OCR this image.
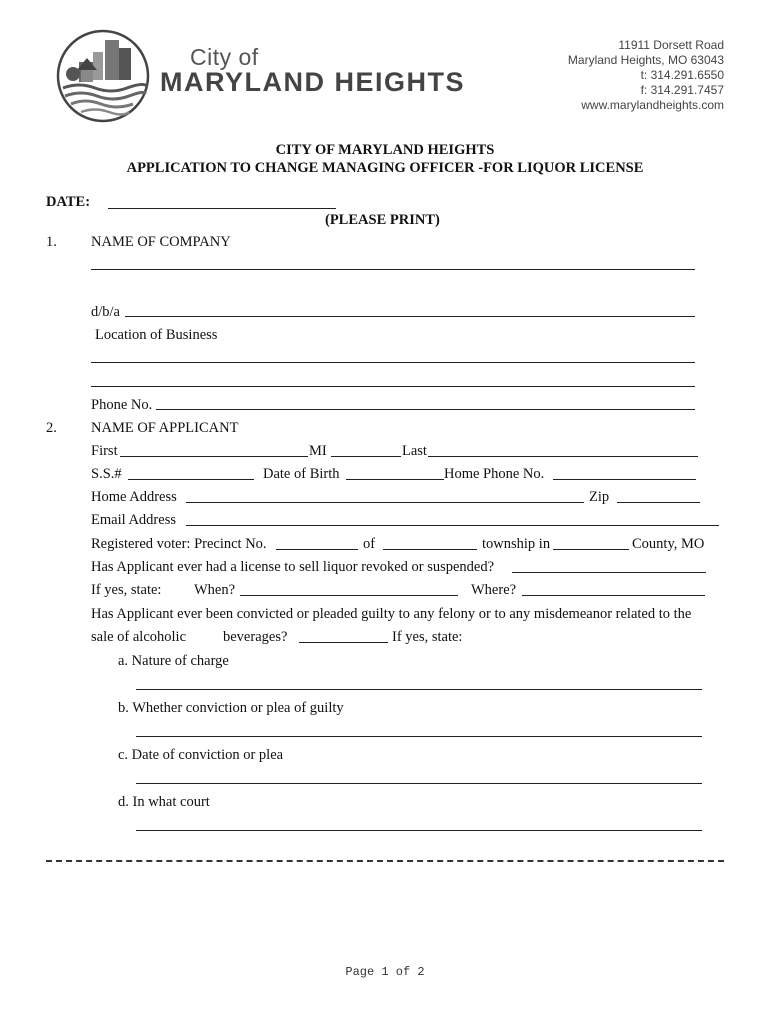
City of
MARYLAND HEIGHTS
11911 Dorsett Road
Maryland Heights, MO 63043
t: 314.291.6550
f: 314.291.7457
www.marylandheights.com
CITY OF MARYLAND HEIGHTS
APPLICATION TO CHANGE MANAGING OFFICER -FOR LIQUOR LICENSE
DATE:
(PLEASE PRINT)
1. NAME OF COMPANY
d/b/a
Location of Business
Phone No.
2. NAME OF APPLICANT
First	MI	Last
S.S.#	Date of Birth	Home Phone No.
Home Address	Zip
Email Address
Registered voter: Precinct No.	of	township in	County, MO
Has Applicant ever had a license to sell liquor revoked or suspended?
If yes, state: When?	Where?
Has Applicant ever been convicted or pleaded guilty to any felony or to any misdemeanor related to the
sale of alcoholic	beverages?	If yes, state:
a. Nature of charge
b. Whether conviction or plea of guilty
c. Date of conviction or plea
d. In what court
Page 1 of 2
